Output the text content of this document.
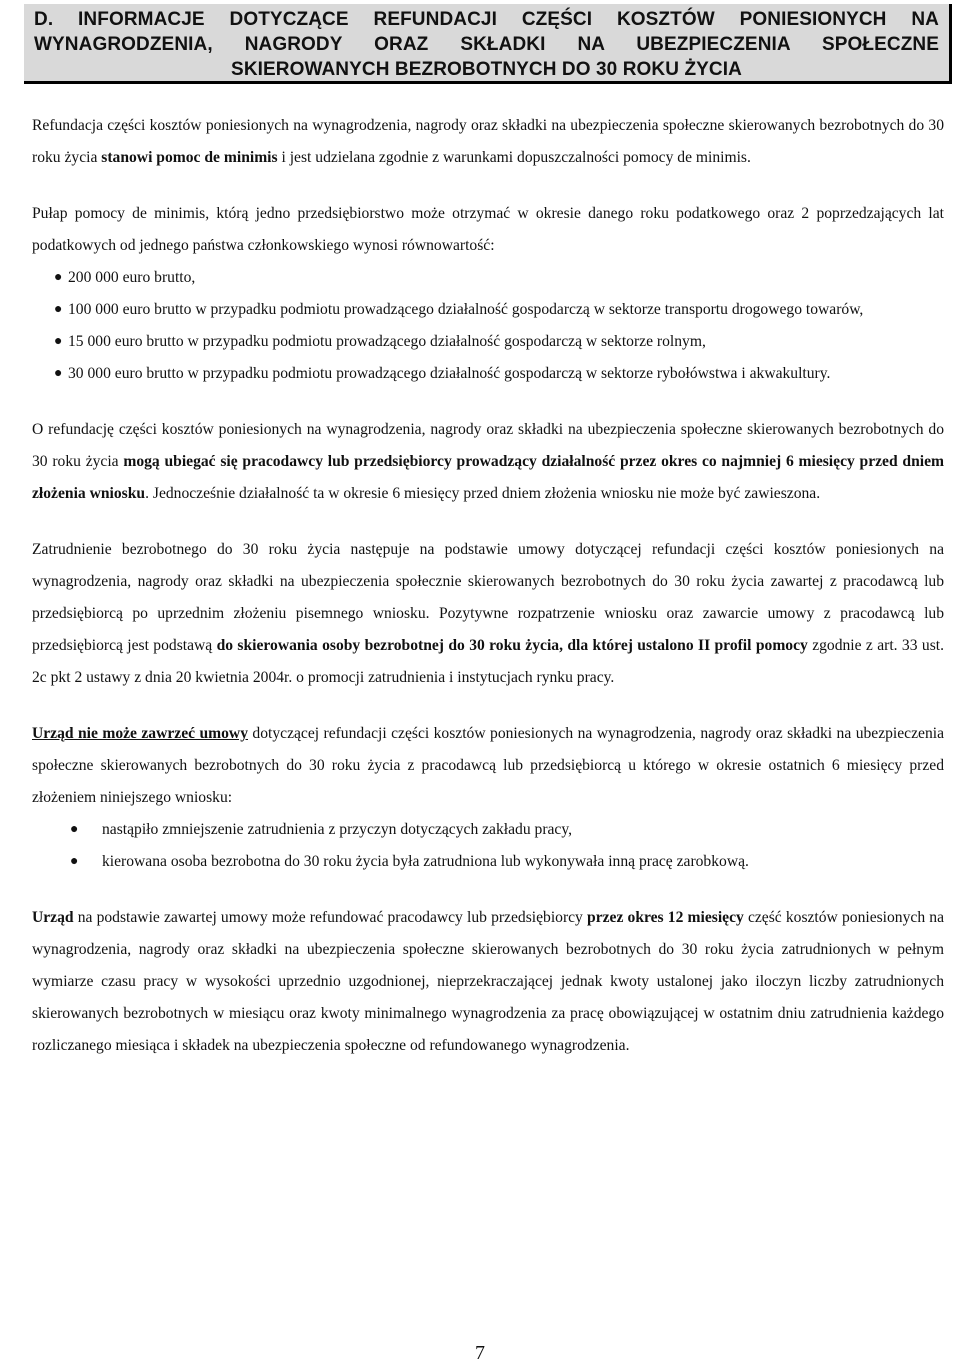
D. INFORMACJE DOTYCZĄCE REFUNDACJI CZĘŚCI KOSZTÓW PONIESIONYCH NA WYNAGRODZENIA, NAGRODY ORAZ SKŁADKI NA UBEZPIECZENIA SPOŁECZNE SKIEROWANYCH BEZROBOTNYCH DO 30 ROKU ŻYCIA

Refundacja części kosztów poniesionych na wynagrodzenia, nagrody oraz składki na ubezpieczenia społeczne skierowanych bezrobotnych do 30 roku życia stanowi pomoc de minimis i jest udzielana zgodnie z warunkami dopuszczalności pomocy de minimis.

Pułap pomocy de minimis, którą jedno przedsiębiorstwo może otrzymać w okresie danego roku podatkowego oraz 2 poprzedzających lat podatkowych od jednego państwa członkowskiego wynosi równowartość:

● 200 000 euro brutto,
● 100 000 euro brutto w przypadku podmiotu prowadzącego działalność gospodarczą w sektorze transportu drogowego towarów,
● 15 000 euro brutto w przypadku podmiotu prowadzącego działalność gospodarczą w sektorze rolnym,
● 30 000 euro brutto w przypadku podmiotu prowadzącego działalność gospodarczą w sektorze rybołówstwa i akwakultury.

O refundację części kosztów poniesionych na wynagrodzenia, nagrody oraz składki na ubezpieczenia społeczne skierowanych bezrobotnych do 30 roku życia mogą ubiegać się pracodawcy lub przedsiębiorcy prowadzący działalność przez okres co najmniej 6 miesięcy przed dniem złożenia wniosku. Jednocześnie działalność ta w okresie 6 miesięcy przed dniem złożenia wniosku nie może być zawieszona.

Zatrudnienie bezrobotnego do 30 roku życia następuje na podstawie umowy dotyczącej refundacji części kosztów poniesionych na wynagrodzenia, nagrody oraz składki na ubezpieczenia społecznie skierowanych bezrobotnych do 30 roku życia zawartej z pracodawcą lub przedsiębiorcą po uprzednim złożeniu pisemnego wniosku. Pozytywne rozpatrzenie wniosku oraz zawarcie umowy z pracodawcą lub przedsiębiorcą jest podstawą do skierowania osoby bezrobotnej do 30 roku życia, dla której ustalono II profil pomocy zgodnie z art. 33 ust. 2c pkt 2 ustawy z dnia 20 kwietnia 2004r. o promocji zatrudnienia i instytucjach rynku pracy.

Urząd nie może zawrzeć umowy dotyczącej refundacji części kosztów poniesionych na wynagrodzenia, nagrody oraz składki na ubezpieczenia społeczne skierowanych bezrobotnych do 30 roku życia z pracodawcą lub przedsiębiorcą u którego w okresie ostatnich 6 miesięcy przed złożeniem niniejszego wniosku:

● nastąpiło zmniejszenie zatrudnienia z przyczyn dotyczących zakładu pracy,
● kierowana osoba bezrobotna do 30 roku życia była zatrudniona lub wykonywała inną pracę zarobkową.

Urząd na podstawie zawartej umowy może refundować pracodawcy lub przedsiębiorcy przez okres 12 miesięcy część kosztów poniesionych na wynagrodzenia, nagrody oraz składki na ubezpieczenia społeczne skierowanych bezrobotnych do 30 roku życia zatrudnionych w pełnym wymiarze czasu pracy w wysokości uprzednio uzgodnionej, nieprzekraczającej jednak kwoty ustalonej jako iloczyn liczby zatrudnionych skierowanych bezrobotnych w miesiącu oraz kwoty minimalnego wynagrodzenia za pracę obowiązującej w ostatnim dniu zatrudnienia każdego rozliczanego miesiąca i składek na ubezpieczenia społeczne od refundowanego wynagrodzenia.

7
